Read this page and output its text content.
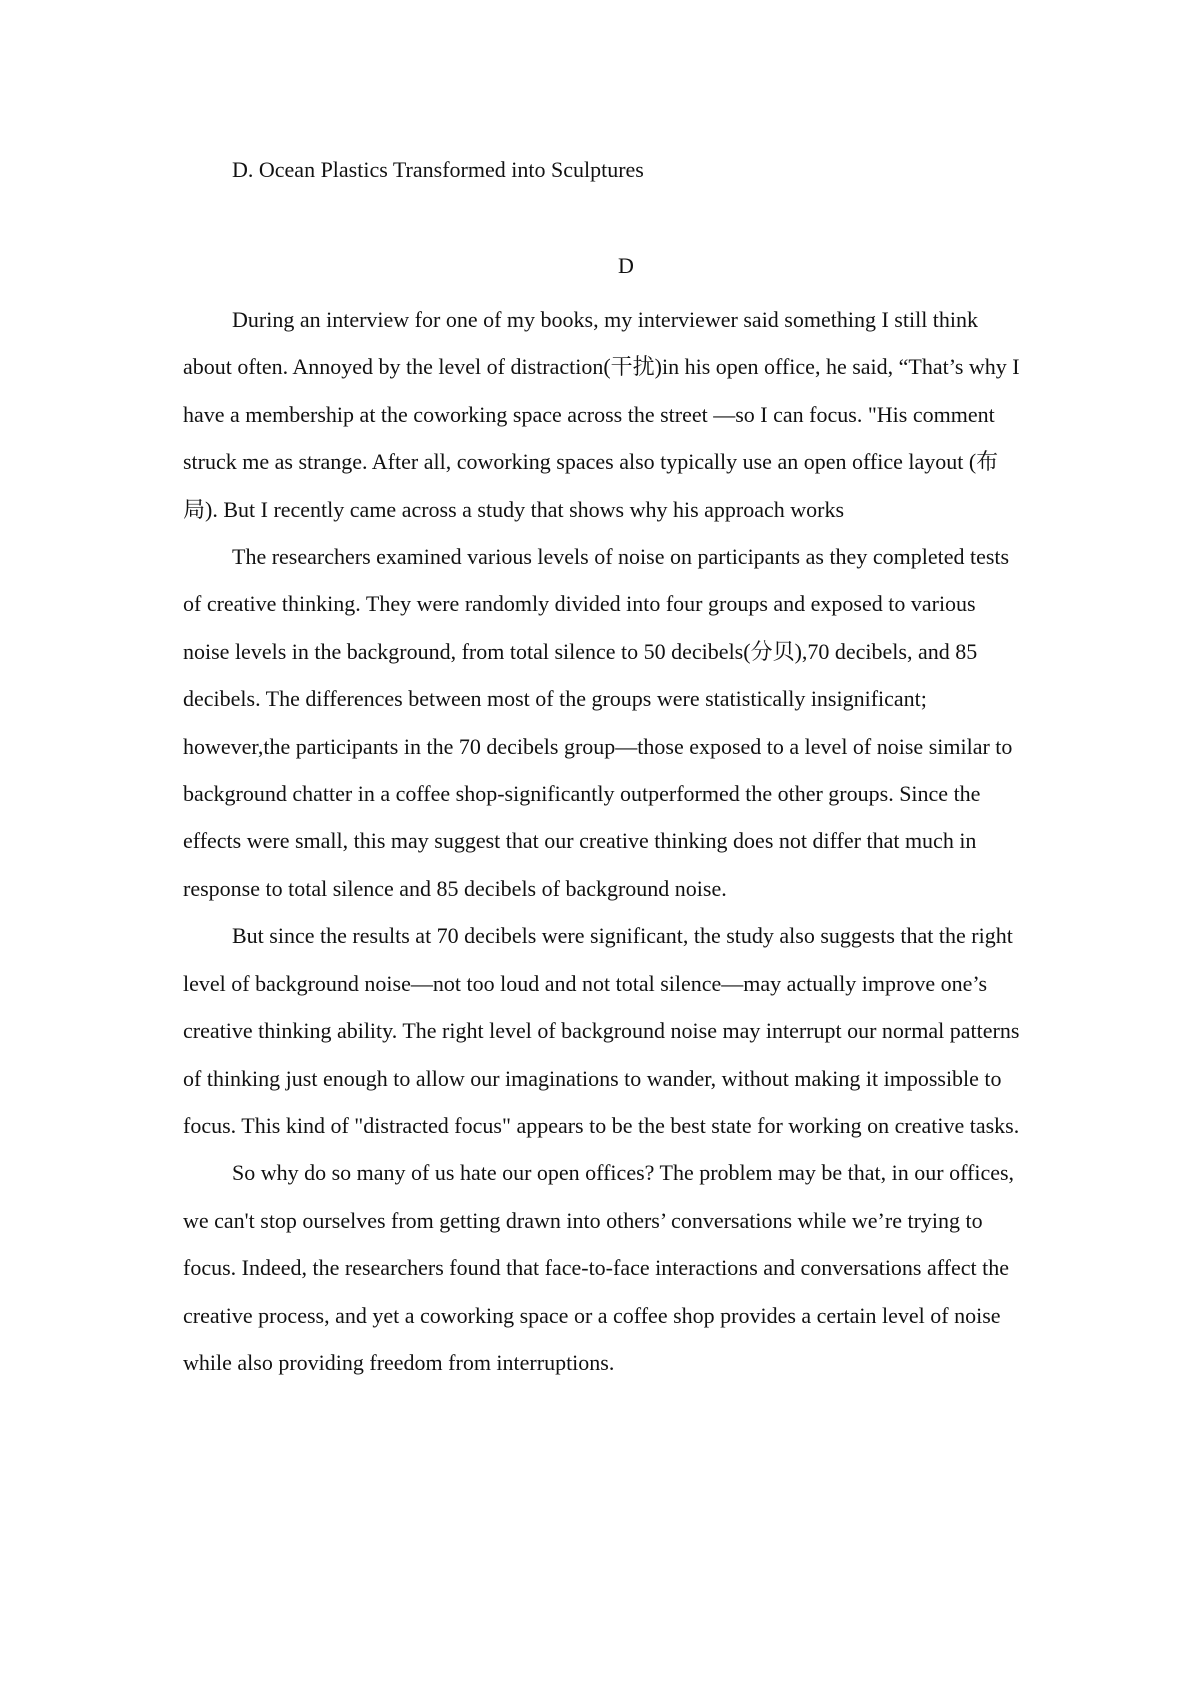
D. Ocean Plastics Transformed into Sculptures
D

During an interview for one of my books, my interviewer said something I still think about often. Annoyed by the level of distraction(干扰)in his open office, he said, “That’s why I have a membership at the coworking space across the street —so I can focus. "His comment struck me as strange. After all, coworking spaces also typically use an open office layout (布局). But I recently came across a study that shows why his approach works

The researchers examined various levels of noise on participants as they completed tests of creative thinking. They were randomly divided into four groups and exposed to various noise levels in the background, from total silence to 50 decibels(分贝),70 decibels, and 85 decibels. The differences between most of the groups were statistically insignificant; however,the participants in the 70 decibels group—those exposed to a level of noise similar to background chatter in a coffee shop-significantly outperformed the other groups. Since the effects were small, this may suggest that our creative thinking does not differ that much in response to total silence and 85 decibels of background noise.

But since the results at 70 decibels were significant, the study also suggests that the right level of background noise—not too loud and not total silence—may actually improve one’s creative thinking ability. The right level of background noise may interrupt our normal patterns of thinking just enough to allow our imaginations to wander, without making it impossible to focus. This kind of "distracted focus" appears to be the best state for working on creative tasks.

So why do so many of us hate our open offices? The problem may be that, in our offices, we can't stop ourselves from getting drawn into others’ conversations while we’re trying to focus. Indeed, the researchers found that face-to-face interactions and conversations affect the creative process, and yet a coworking space or a coffee shop provides a certain level of noise while also providing freedom from interruptions.
